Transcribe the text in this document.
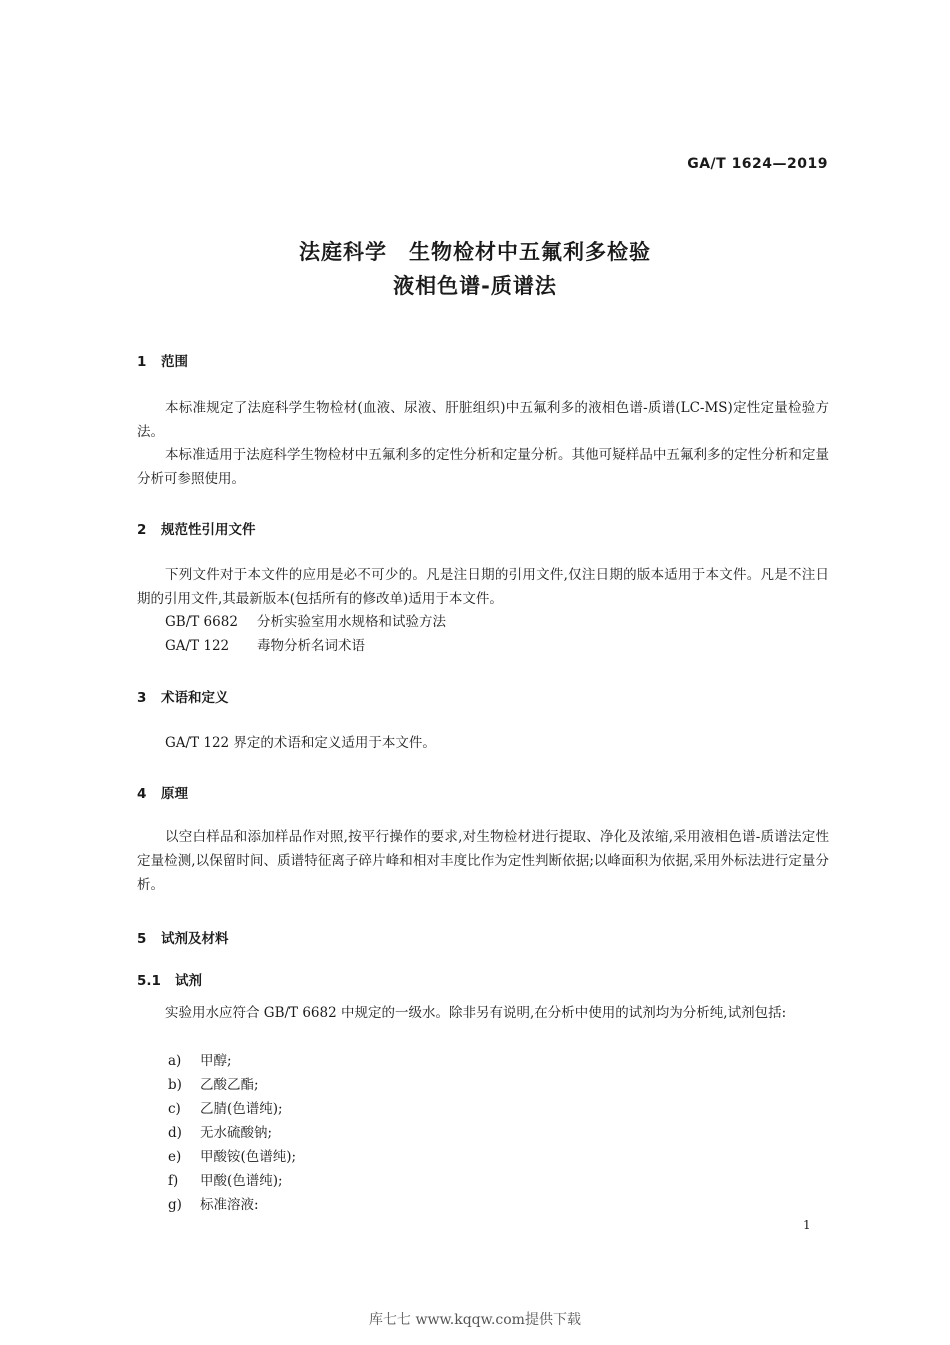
GA/T 1624—2019
法庭科学　生物检材中五氟利多检验
液相色谱-质谱法
1 范围
本标准规定了法庭科学生物检材(血液、尿液、肝脏组织)中五氟利多的液相色谱-质谱(LC-MS)定性定量检验方法。
本标准适用于法庭科学生物检材中五氟利多的定性分析和定量分析。其他可疑样品中五氟利多的定性分析和定量分析可参照使用。
2 规范性引用文件
下列文件对于本文件的应用是必不可少的。凡是注日期的引用文件,仅注日期的版本适用于本文件。凡是不注日期的引用文件,其最新版本(包括所有的修改单)适用于本文件。
GB/T 6682 分析实验室用水规格和试验方法
GA/T 122 毒物分析名词术语
3 术语和定义
GA/T 122 界定的术语和定义适用于本文件。
4 原理
以空白样品和添加样品作对照,按平行操作的要求,对生物检材进行提取、净化及浓缩,采用液相色谱-质谱法定性定量检测,以保留时间、质谱特征离子碎片峰和相对丰度比作为定性判断依据;以峰面积为依据,采用外标法进行定量分析。
5 试剂及材料
5.1 试剂
实验用水应符合 GB/T 6682 中规定的一级水。除非另有说明,在分析中使用的试剂均为分析纯,试剂包括:
a) 甲醇;
b) 乙酸乙酯;
c) 乙腈(色谱纯);
d) 无水硫酸钠;
e) 甲酸铵(色谱纯);
f) 甲酸(色谱纯);
g) 标准溶液:
1
库七七 www.kqqw.com提供下载
